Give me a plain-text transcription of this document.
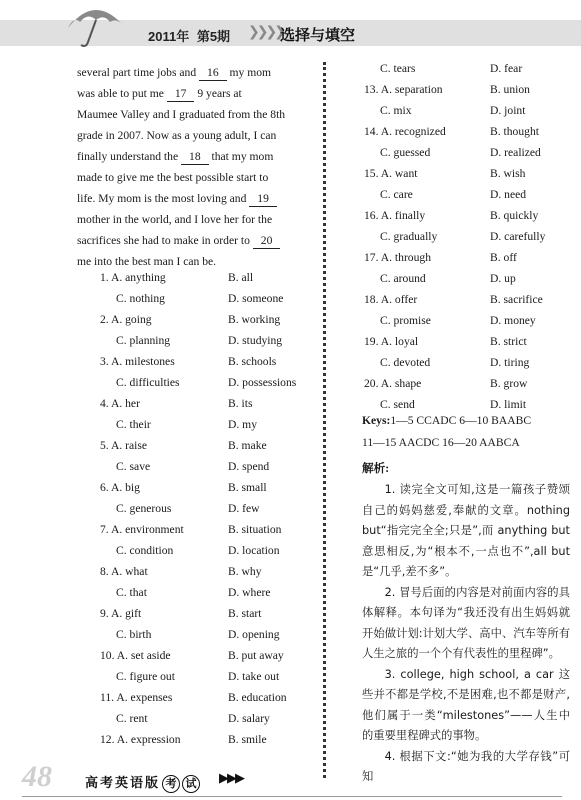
2011年 第5期 ❯❯❯❯
选择与填空

several part time jobs and 16 my mom

was able to put me 17 9 years at

Maumee Valley and I graduated from the 8th

grade in 2007. Now as a young adult, I can

finally understand the 18 that my mom

made to give me the best possible start to

life. My mom is the most loving and 19

mother in the world, and I love her for the

sacrifices she had to make in order to 20

me into the best man I can be.

1. A. anything	B. all
C. nothing	D. someone
2. A. going	B. working
C. planning	D. studying
3. A. milestones	B. schools
C. difficulties	D. possessions
4. A. her	B. its
C. their	D. my
5. A. raise	B. make
C. save	D. spend
6. A. big	B. small
C. generous	D. few
7. A. environment	B. situation
C. condition	D. location
8. A. what	B. why
C. that	D. where
9. A. gift	B. start
C. birth	D. opening
10. A. set aside	B. put away
C. figure out	D. take out
11. A. expenses	B. education
C. rent	D. salary
12. A. expression	B. smile
C. tears	D. fear
13. A. separation	B. union
C. mix	D. joint
14. A. recognized	B. thought
C. guessed	D. realized
15. A. want	B. wish
C. care	D. need
16. A. finally	B. quickly
C. gradually	D. carefully
17. A. through	B. off
C. around	D. up
18. A. offer	B. sacrifice
C. promise	D. money
19. A. loyal	B. strict
C. devoted	D. tiring
20. A. shape	B. grow
C. send	D. limit
Keys:1—5 CCADC 6—10 BAABC
11—15 AACDC 16—20 AABCA
解析:

1. 读完全文可知,这是一篇孩子赞颂自己的妈妈慈爱,奉献的文章。nothing but“指完完全全;只是”,而 anything but 意思相反,为“根本不,一点也不”,all but 是“几乎,差不多”。

2. 冒号后面的内容是对前面内容的具体解释。本句译为“我还没有出生妈妈就开始做计划:计划大学、高中、汽车等所有人生之旅的一个个有代表性的里程碑”。

3. college, high school, a car 这些并不都是学校,不是困难,也不都是财产,他们属于一类“milestones”——人生中的重要里程碑式的事物。

4. 根据下文:“她为我的大学存钱”可知

48	高考英语版 考 试 ▶▶▶
